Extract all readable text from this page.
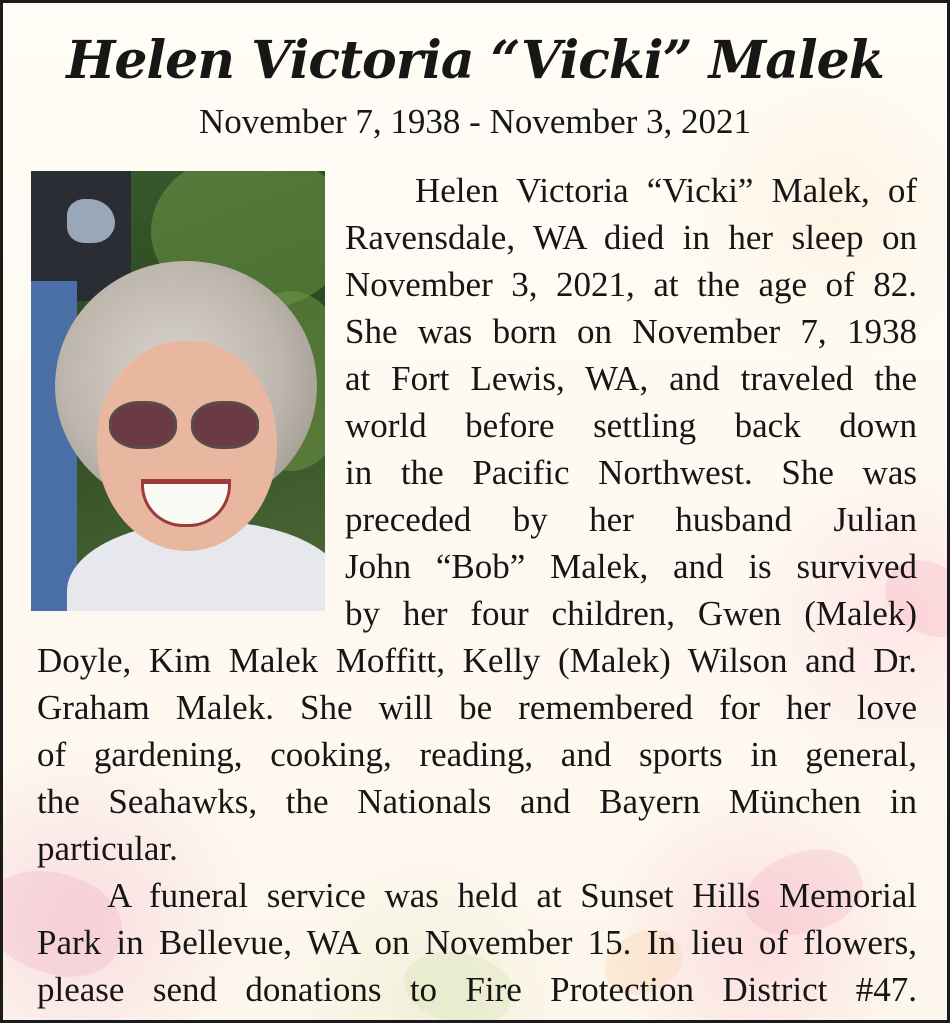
Helen Victoria “Vicki” Malek
November 7, 1938 - November 3, 2021
Helen Victoria “Vicki” Malek, of
Ravensdale, WA died in her sleep on
November 3, 2021, at the age of 82.
She was born on November 7, 1938
at Fort Lewis, WA, and traveled the
world before settling back down
in the Pacific Northwest. She was
preceded by her husband Julian
John “Bob” Malek, and is survived
by her four children, Gwen (Malek)
Doyle, Kim Malek Moffitt, Kelly (Malek) Wilson and Dr.
Graham Malek. She will be remembered for her love
of gardening, cooking, reading, and sports in general,
the Seahawks, the Nationals and Bayern München in
particular.
A funeral service was held at Sunset Hills Memorial
Park in Bellevue, WA on November 15. In lieu of flowers,
please send donations to Fire Protection District #47.
